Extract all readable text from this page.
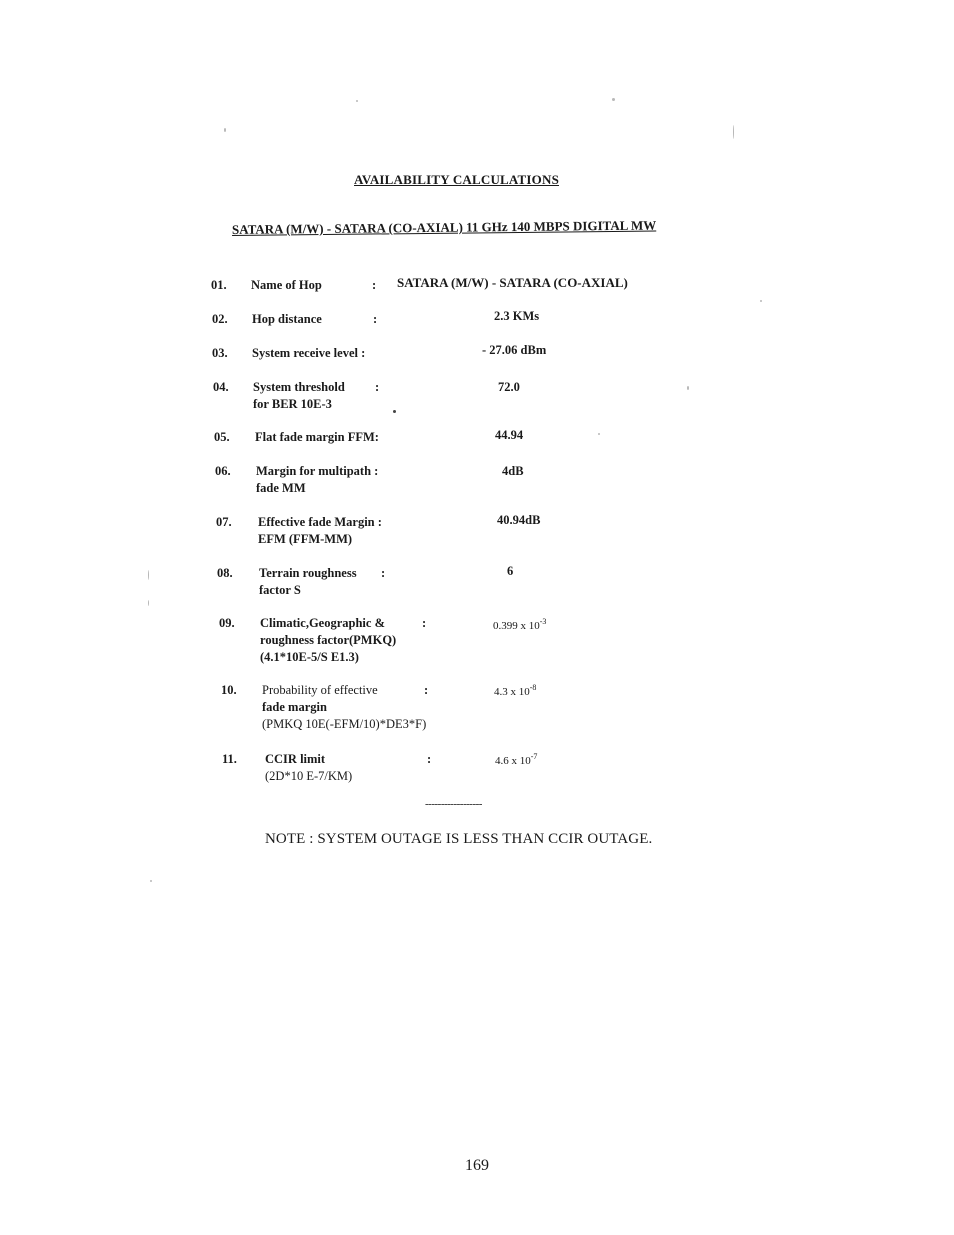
AVAILABILITY CALCULATIONS
SATARA (M/W) - SATARA (CO-AXIAL) 11 GHz 140 MBPS DIGITAL MW
01. Name of Hop	: SATARA (M/W) - SATARA (CO-AXIAL)
02. Hop distance	:	2.3 KMs
03. System receive level :	- 27.06 dBm
04. System threshold
for BER 10E-3
:	72.0
05. Flat fade margin FFM:	44.94
06. Margin for multipath :
fade MM
4dB
07. Effective fade Margin :
EFM (FFM-MM)
40.94dB
08. Terrain roughness
factor S
:	6
09. Climatic,Geographic &
roughness factor(PMKQ)
(4.1*10E-5/S E1.3)
:	0.399 x $10^{-3}$
10. Probability of effective
fade margin
(PMKQ 10E(-EFM/10)*DE3*F)
:	4.3 x $10^{-8}$
11. CCIR limit
(2D*10 E-7/KM)
:	4.6 x $10^{-7}$
------------------
NOTE : SYSTEM OUTAGE IS LESS THAN CCIR OUTAGE.
169
